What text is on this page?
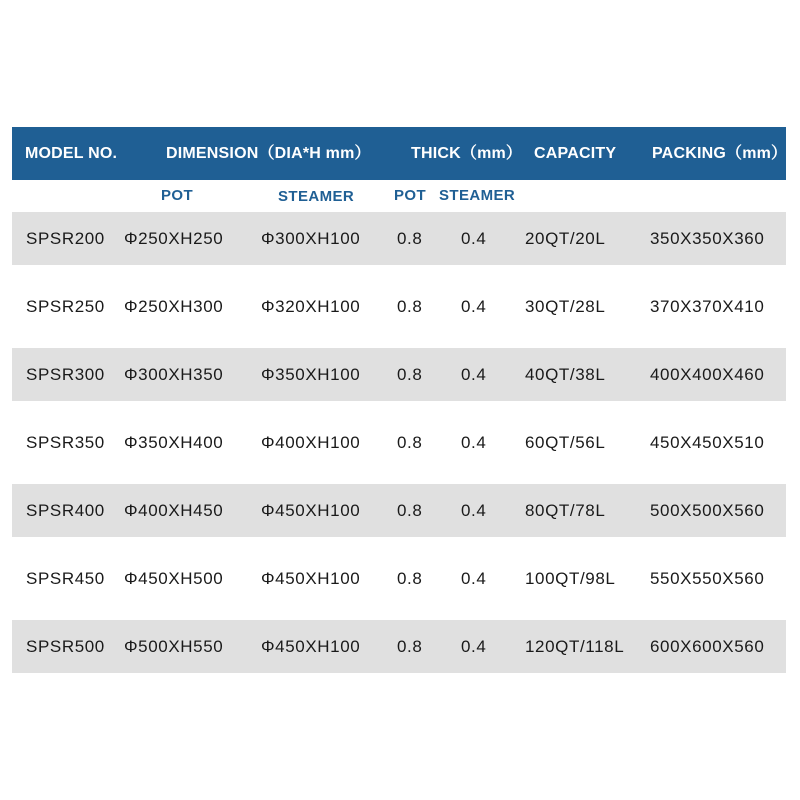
MODEL NO.	DIMENSION（DIA*H mm）	THICK（mm） CAPACITY PACKING（mm）
POT	STEAMER	POT STEAMER
SPSR200 Φ250XH250 Φ300XH100 0.8 0.4 20QT/20L	350X350X360
SPSR250 Φ250XH300 Φ320XH100 0.8 0.4 30QT/28L	370X370X410
SPSR300 Φ300XH350 Φ350XH100 0.8 0.4 40QT/38L	400X400X460
SPSR350 Φ350XH400 Φ400XH100 0.8 0.4 60QT/56L	450X450X510
SPSR400 Φ400XH450 Φ450XH100 0.8 0.4 80QT/78L	500X500X560
SPSR450 Φ450XH500 Φ450XH100 0.8 0.4 100QT/98L 550X550X560
SPSR500 Φ500XH550 Φ450XH100 0.8 0.4 120QT/118L 600X600X560
